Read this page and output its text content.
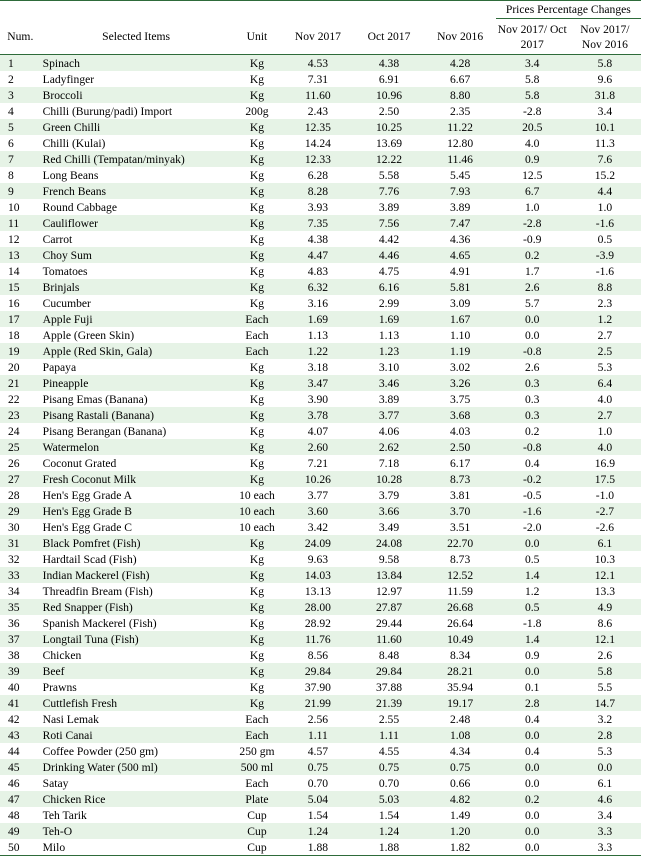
						Prices Percentage Changes	
Num.	Selected Items	Unit	Nov 2017	Oct 2017	Nov 2016	Nov 2017/ Oct 2017	Nov 2017/ Nov 2016
1	Spinach	Kg	4.53	4.38	4.28	3.4	5.8
2	Ladyfinger	Kg	7.31	6.91	6.67	5.8	9.6
3	Broccoli	Kg	11.60	10.96	8.80	5.8	31.8
4	Chilli (Burung/padi) Import	200g	2.43	2.50	2.35	-2.8	3.4
5	Green Chilli	Kg	12.35	10.25	11.22	20.5	10.1
6	Chilli (Kulai)	Kg	14.24	13.69	12.80	4.0	11.3
7	Red Chilli (Tempatan/minyak)	Kg	12.33	12.22	11.46	0.9	7.6
8	Long Beans	Kg	6.28	5.58	5.45	12.5	15.2
9	French Beans	Kg	8.28	7.76	7.93	6.7	4.4
10	Round Cabbage	Kg	3.93	3.89	3.89	1.0	1.0
11	Cauliflower	Kg	7.35	7.56	7.47	-2.8	-1.6
12	Carrot	Kg	4.38	4.42	4.36	-0.9	0.5
13	Choy Sum	Kg	4.47	4.46	4.65	0.2	-3.9
14	Tomatoes	Kg	4.83	4.75	4.91	1.7	-1.6
15	Brinjals	Kg	6.32	6.16	5.81	2.6	8.8
16	Cucumber	Kg	3.16	2.99	3.09	5.7	2.3
17	Apple Fuji	Each	1.69	1.69	1.67	0.0	1.2
18	Apple (Green Skin)	Each	1.13	1.13	1.10	0.0	2.7
19	Apple (Red Skin, Gala)	Each	1.22	1.23	1.19	-0.8	2.5
20	Papaya	Kg	3.18	3.10	3.02	2.6	5.3
21	Pineapple	Kg	3.47	3.46	3.26	0.3	6.4
22	Pisang Emas (Banana)	Kg	3.90	3.89	3.75	0.3	4.0
23	Pisang Rastali (Banana)	Kg	3.78	3.77	3.68	0.3	2.7
24	Pisang Berangan (Banana)	Kg	4.07	4.06	4.03	0.2	1.0
25	Watermelon	Kg	2.60	2.62	2.50	-0.8	4.0
26	Coconut Grated	Kg	7.21	7.18	6.17	0.4	16.9
27	Fresh Coconut Milk	Kg	10.26	10.28	8.73	-0.2	17.5
28	Hen's Egg Grade A	10 each	3.77	3.79	3.81	-0.5	-1.0
29	Hen's Egg Grade B	10 each	3.60	3.66	3.70	-1.6	-2.7
30	Hen's Egg Grade C	10 each	3.42	3.49	3.51	-2.0	-2.6
31	Black Pomfret (Fish)	Kg	24.09	24.08	22.70	0.0	6.1
32	Hardtail Scad (Fish)	Kg	9.63	9.58	8.73	0.5	10.3
33	Indian Mackerel (Fish)	Kg	14.03	13.84	12.52	1.4	12.1
34	Threadfin Bream (Fish)	Kg	13.13	12.97	11.59	1.2	13.3
35	Red Snapper (Fish)	Kg	28.00	27.87	26.68	0.5	4.9
36	Spanish Mackerel (Fish)	Kg	28.92	29.44	26.64	-1.8	8.6
37	Longtail Tuna (Fish)	Kg	11.76	11.60	10.49	1.4	12.1
38	Chicken	Kg	8.56	8.48	8.34	0.9	2.6
39	Beef	Kg	29.84	29.84	28.21	0.0	5.8
40	Prawns	Kg	37.90	37.88	35.94	0.1	5.5
41	Cuttlefish Fresh	Kg	21.99	21.39	19.17	2.8	14.7
42	Nasi Lemak	Each	2.56	2.55	2.48	0.4	3.2
43	Roti Canai	Each	1.11	1.11	1.08	0.0	2.8
44	Coffee Powder (250 gm)	250 gm	4.57	4.55	4.34	0.4	5.3
45	Drinking Water (500 ml)	500 ml	0.75	0.75	0.75	0.0	0.0
46	Satay	Each	0.70	0.70	0.66	0.0	6.1
47	Chicken Rice	Plate	5.04	5.03	4.82	0.2	4.6
48	Teh Tarik	Cup	1.54	1.54	1.49	0.0	3.4
49	Teh-O	Cup	1.24	1.24	1.20	0.0	3.3
50	Milo	Cup	1.88	1.88	1.82	0.0	3.3
